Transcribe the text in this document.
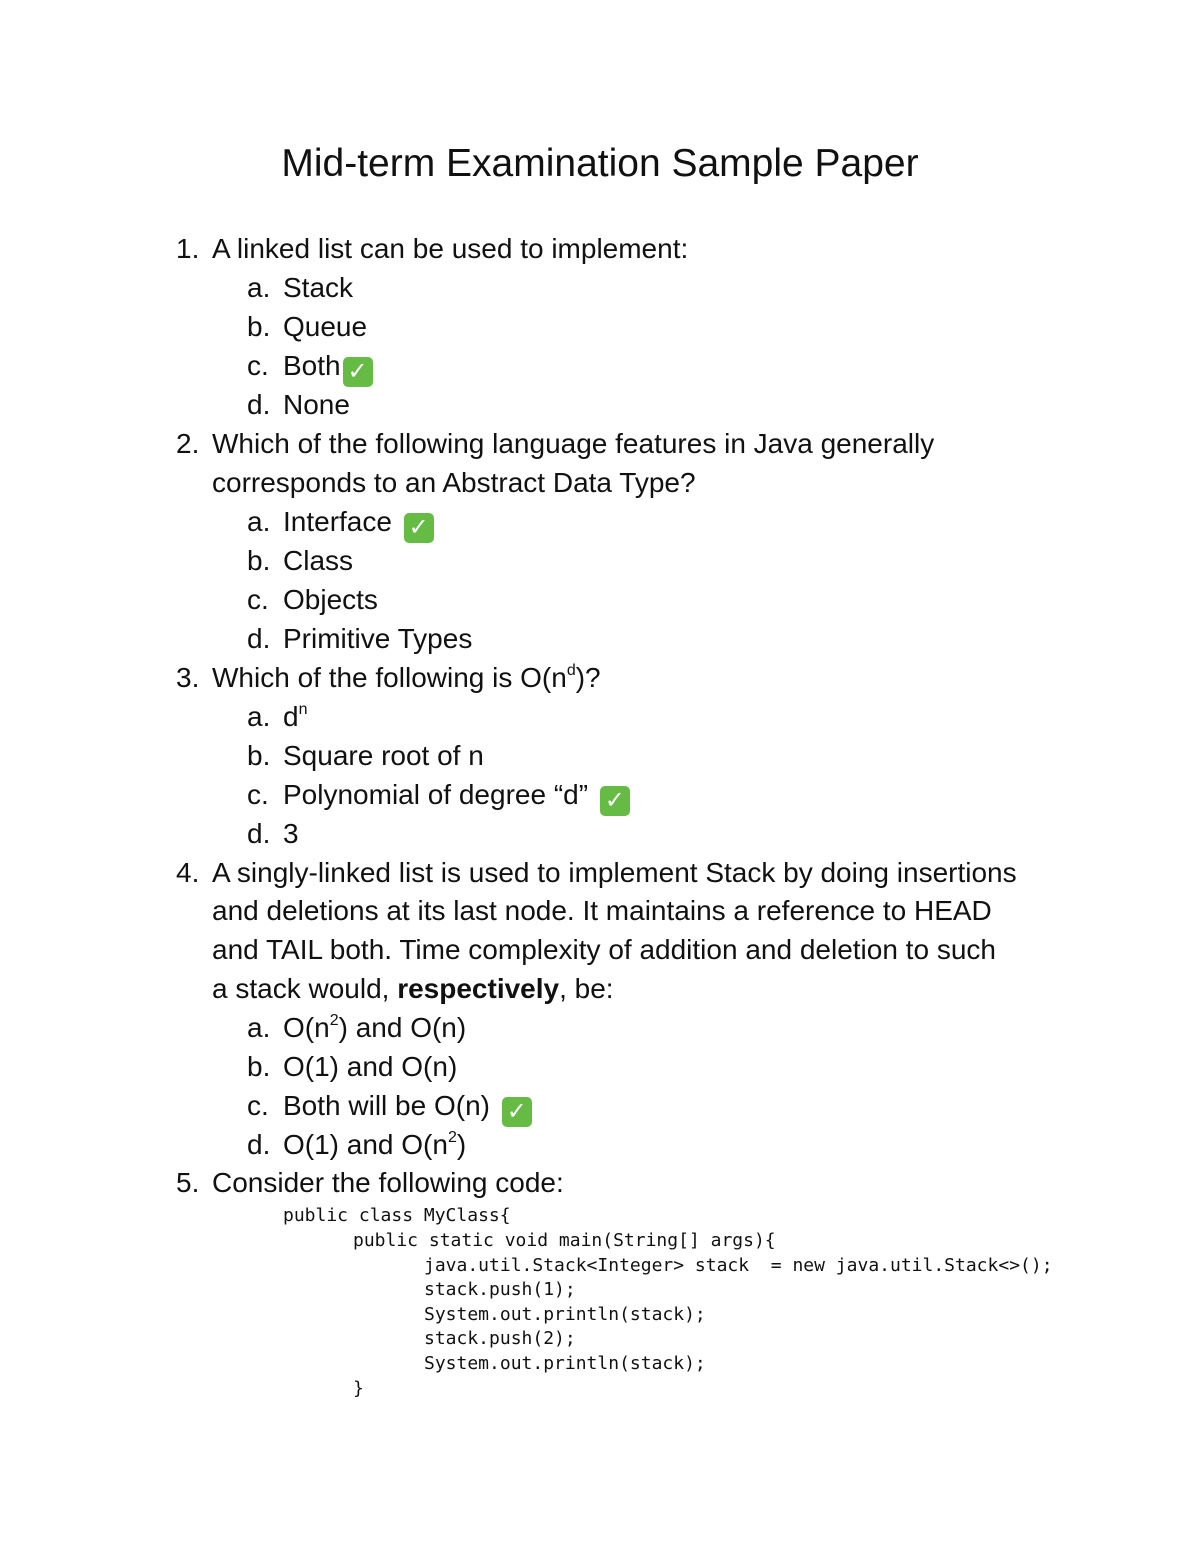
Mid-term Examination Sample Paper
1. A linked list can be used to implement:
a. Stack
b. Queue
c. Both ✓
d. None
2. Which of the following language features in Java generally
corresponds to an Abstract Data Type?
a. Interface ✓
b. Class
c. Objects
d. Primitive Types
3. Which of the following is $O(n^d)$?
a. $d^n$
b. Square root of n
c. Polynomial of degree “d” ✓
d. 3
4. A singly-linked list is used to implement Stack by doing insertions
and deletions at its last node. It maintains a reference to HEAD
and TAIL both. Time complexity of addition and deletion to such
a stack would, respectively, be:
a. $O(n^2)$ and O(n)
b. O(1) and O(n)
c. Both will be O(n) ✓
d. O(1) and $O(n^2)$
5. Consider the following code:
public class MyClass{
public static void main(String[] args){
java.util.Stack<Integer> stack  = new java.util.Stack<>();
stack.push(1);
System.out.println(stack);
stack.push(2);
System.out.println(stack);
}
